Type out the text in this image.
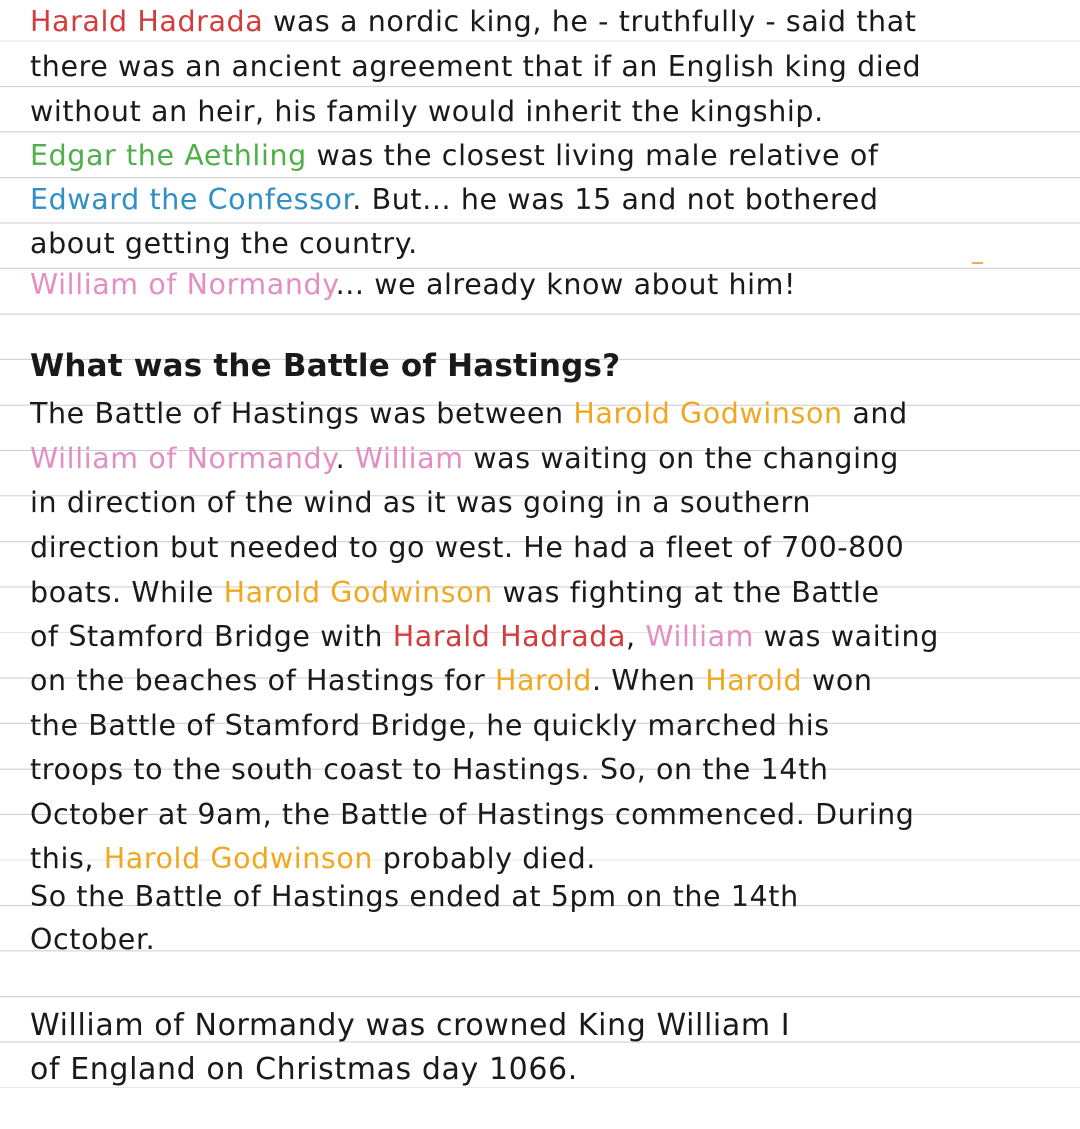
Harald Hadrada was a nordic king, he - truthfully - said that
there was an ancient agreement that if an English king died
without an heir, his family would inherit the kingship.
Edgar the Aethling was the closest living male relative of
Edward the Confessor. But... he was 15 and not bothered
about getting the country.
William of Normandy... we already know about him!
What was the Battle of Hastings?
The Battle of Hastings was between Harold Godwinson and
William of Normandy. William was waiting on the changing
in direction of the wind as it was going in a southern
direction but needed to go west. He had a fleet of 700-800
boats. While Harold Godwinson was fighting at the Battle
of Stamford Bridge with Harald Hadrada, William was waiting
on the beaches of Hastings for Harold. When Harold won
the Battle of Stamford Bridge, he quickly marched his
troops to the south coast to Hastings. So, on the 14th
October at 9am, the Battle of Hastings commenced. During
this, Harold Godwinson probably died.
So the Battle of Hastings ended at 5pm on the 14th
October.
William of Normandy was crowned King William I
of England on Christmas day 1066.
